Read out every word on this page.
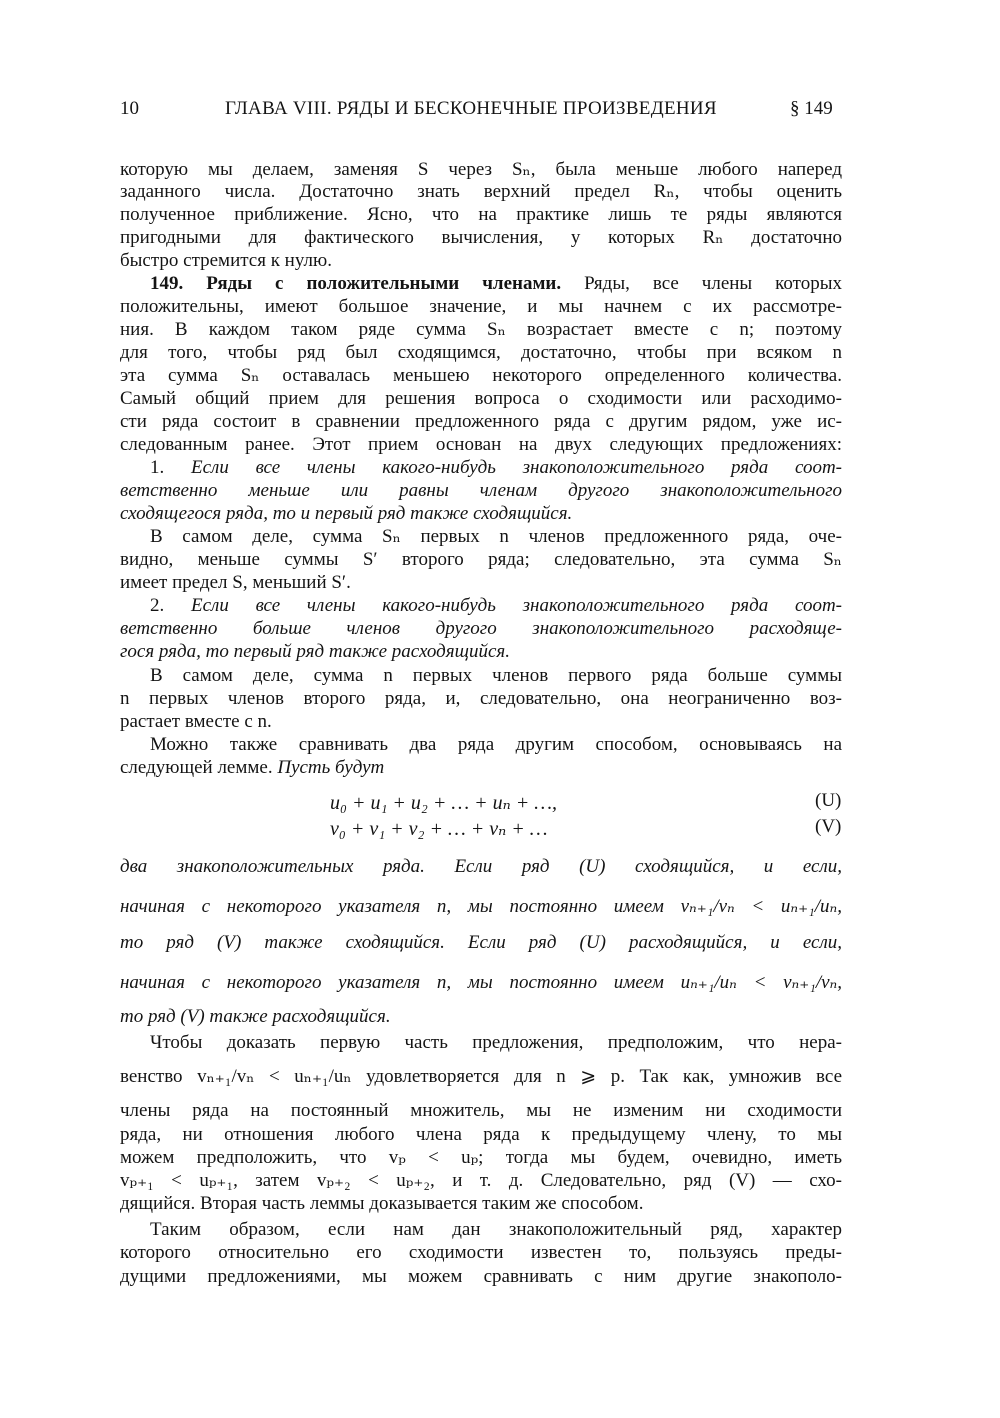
10	ГЛАВА VIII. РЯДЫ И БЕСКОНЕЧНЫЕ ПРОИЗВЕДЕНИЯ	§ 149
которую мы делаем, заменяя S через Sₙ, была меньше любого наперед
заданного числа. Достаточно знать верхний предел Rₙ, чтобы оценить
полученное приближение. Ясно, что на практике лишь те ряды являются
пригодными для фактического вычисления, у которых Rₙ достаточно
быстро стремится к нулю.
149. Ряды с положительными членами. Ряды, все члены которых
положительны, имеют большое значение, и мы начнем с их рассмотре-
ния. В каждом таком ряде сумма Sₙ возрастает вместе с n; поэтому
для того, чтобы ряд был сходящимся, достаточно, чтобы при всяком n
эта сумма Sₙ оставалась меньшею некоторого определенного количества.
Самый общий прием для решения вопроса о сходимости или расходимо-
сти ряда состоит в сравнении предложенного ряда с другим рядом, уже ис-
следованным ранее. Этот прием основан на двух следующих предложениях:
1. Если все члены какого-нибудь знакоположительного ряда соот-
ветственно меньше или равны членам другого знакоположительного
сходящегося ряда, то и первый ряд также сходящийся.
В самом деле, сумма Sₙ первых n членов предложенного ряда, оче-
видно, меньше суммы S′ второго ряда; следовательно, эта сумма Sₙ
имеет предел S, меньший S′.
2. Если все члены какого-нибудь знакоположительного ряда соот-
ветственно больше членов другого знакоположительного расходяще-
гося ряда, то первый ряд также расходящийся.
В самом деле, сумма n первых членов первого ряда больше суммы
n первых членов второго ряда, и, следовательно, она неограниченно воз-
растает вместе с n.
Можно также сравнивать два ряда другим способом, основываясь на
следующей лемме. Пусть будут
два знакоположительных ряда. Если ряд (U) сходящийся, и если,
начиная с некоторого указателя n, мы постоянно имеем vₙ₊₁/vₙ < uₙ₊₁/uₙ,
то ряд (V) также сходящийся. Если ряд (U) расходящийся, и если,
начиная с некоторого указателя n, мы постоянно имеем uₙ₊₁/uₙ < vₙ₊₁/vₙ,
то ряд (V) также расходящийся.
Чтобы доказать первую часть предложения, предположим, что нера-
венство vₙ₊₁/vₙ < uₙ₊₁/uₙ удовлетворяется для n ⩾ p. Так как, умножив все
члены ряда на постоянный множитель, мы не изменим ни сходимости
ряда, ни отношения любого члена ряда к предыдущему члену, то мы
можем предположить, что vₚ < uₚ; тогда мы будем, очевидно, иметь
vₚ₊₁ < uₚ₊₁, затем vₚ₊₂ < uₚ₊₂, и т. д. Следовательно, ряд (V) — схо-
дящийся. Вторая часть леммы доказывается таким же способом.
Таким образом, если нам дан знакоположительный ряд, характер
которого относительно его сходимости известен то, пользуясь преды-
дущими предложениями, мы можем сравнивать с ним другие знакополо-
u₀ + u₁ + u₂ + … + uₙ + …,	(U)
v₀ + v₁ + v₂ + … + vₙ + …	(V)
